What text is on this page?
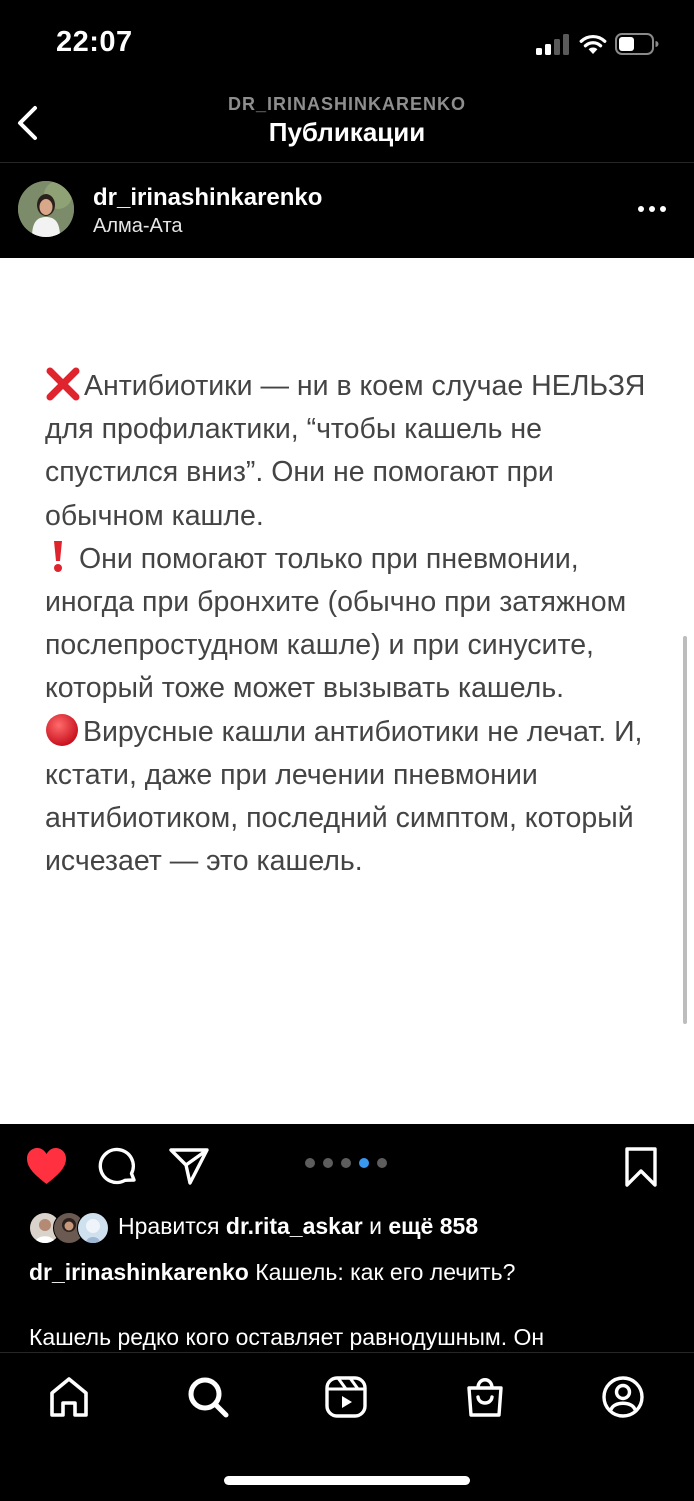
22:07
DR_IRINASHINKARENKO
Публикации
dr_irinashinkarenko
Алма-Ата

Антибиотики — ни в коем случае НЕЛЬЗЯ для профилактики, “чтобы кашель не спустился вниз”. Они не помогают при обычном кашле.

Они помогают только при пневмонии, иногда при бронхите (обычно при затяжном послепростудном кашле) и при синусите, который тоже может вызывать кашель.

Вирусные кашли антибиотики не лечат. И, кстати, даже при лечении пневмонии антибиотиком, последний симптом, который исчезает — это кашель.

Нравится dr.rita_askar и ещё 858
dr_irinashinkarenko Кашель: как его лечить?
Кашель редко кого оставляет равнодушным. Он
